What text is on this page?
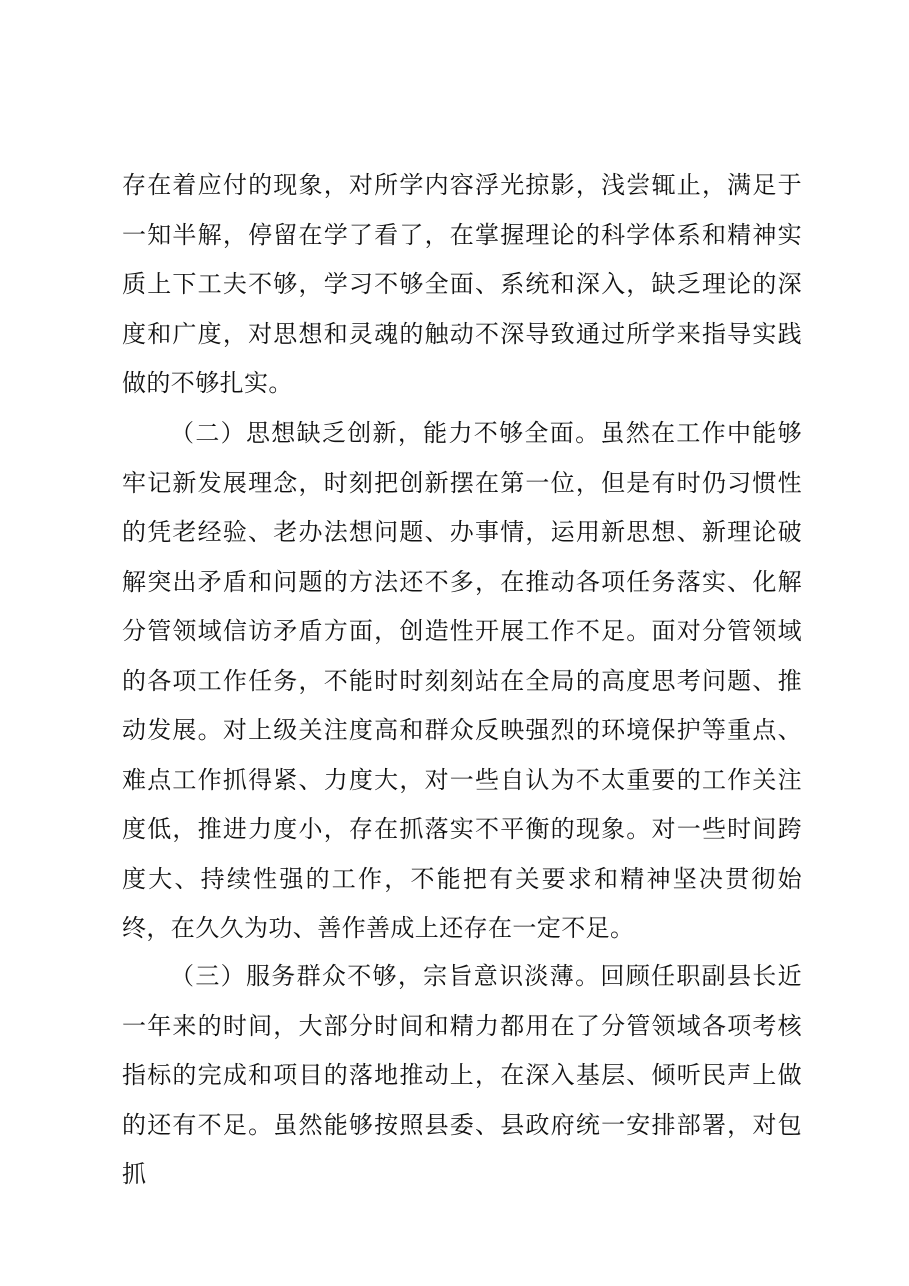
存在着应付的现象，对所学内容浮光掠影，浅尝辄止，满足于一知半解，停留在学了看了，在掌握理论的科学体系和精神实质上下工夫不够，学习不够全面、系统和深入，缺乏理论的深度和广度，对思想和灵魂的触动不深导致通过所学来指导实践做的不够扎实。

（二）思想缺乏创新，能力不够全面。虽然在工作中能够牢记新发展理念，时刻把创新摆在第一位，但是有时仍习惯性的凭老经验、老办法想问题、办事情，运用新思想、新理论破解突出矛盾和问题的方法还不多，在推动各项任务落实、化解分管领域信访矛盾方面，创造性开展工作不足。面对分管领域的各项工作任务，不能时时刻刻站在全局的高度思考问题、推动发展。对上级关注度高和群众反映强烈的环境保护等重点、难点工作抓得紧、力度大，对一些自认为不太重要的工作关注度低，推进力度小，存在抓落实不平衡的现象。对一些时间跨度大、持续性强的工作，不能把有关要求和精神坚决贯彻始终，在久久为功、善作善成上还存在一定不足。

（三）服务群众不够，宗旨意识淡薄。回顾任职副县长近一年来的时间，大部分时间和精力都用在了分管领域各项考核指标的完成和项目的落地推动上，在深入基层、倾听民声上做的还有不足。虽然能够按照县委、县政府统一安排部署，对包抓
